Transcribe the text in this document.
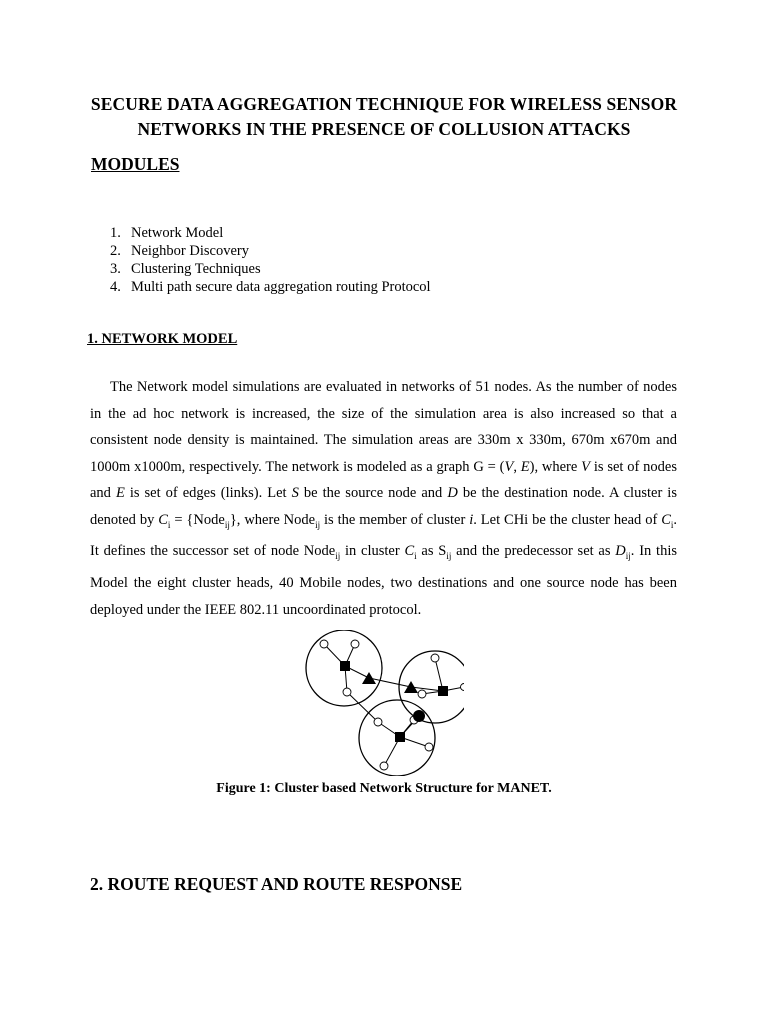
SECURE DATA AGGREGATION TECHNIQUE FOR WIRELESS SENSOR
NETWORKS IN THE PRESENCE OF COLLUSION ATTACKS
MODULES
1. Network Model
2. Neighbor Discovery
3. Clustering Techniques
4. Multi path secure data aggregation routing Protocol
1. NETWORK MODEL

The Network model simulations are evaluated in networks of 51 nodes. As the number of nodes in the ad hoc network is increased, the size of the simulation area is also increased so that a consistent node density is maintained. The simulation areas are 330m x 330m, 670m x670m and 1000m x1000m, respectively. The network is modeled as a graph G = (V, E), where V is set of nodes and E is set of edges (links). Let S be the source node and D be the destination node. A cluster is denoted by $C_i$ = {Node$_{ij}$}, where Node$_{ij}$ is the member of cluster i. Let CHi be the cluster head of $C_i$. It defines the successor set of node Node$_{ij}$ in cluster $C_i$ as $S_{ij}$ and the predecessor set as $D_{ij}$. In this Model the eight cluster heads, 40 Mobile nodes, two destinations and one source node has been deployed under the IEEE 802.11 uncoordinated protocol.

Figure 1: Cluster based Network Structure for MANET.
2. ROUTE REQUEST AND ROUTE RESPONSE
